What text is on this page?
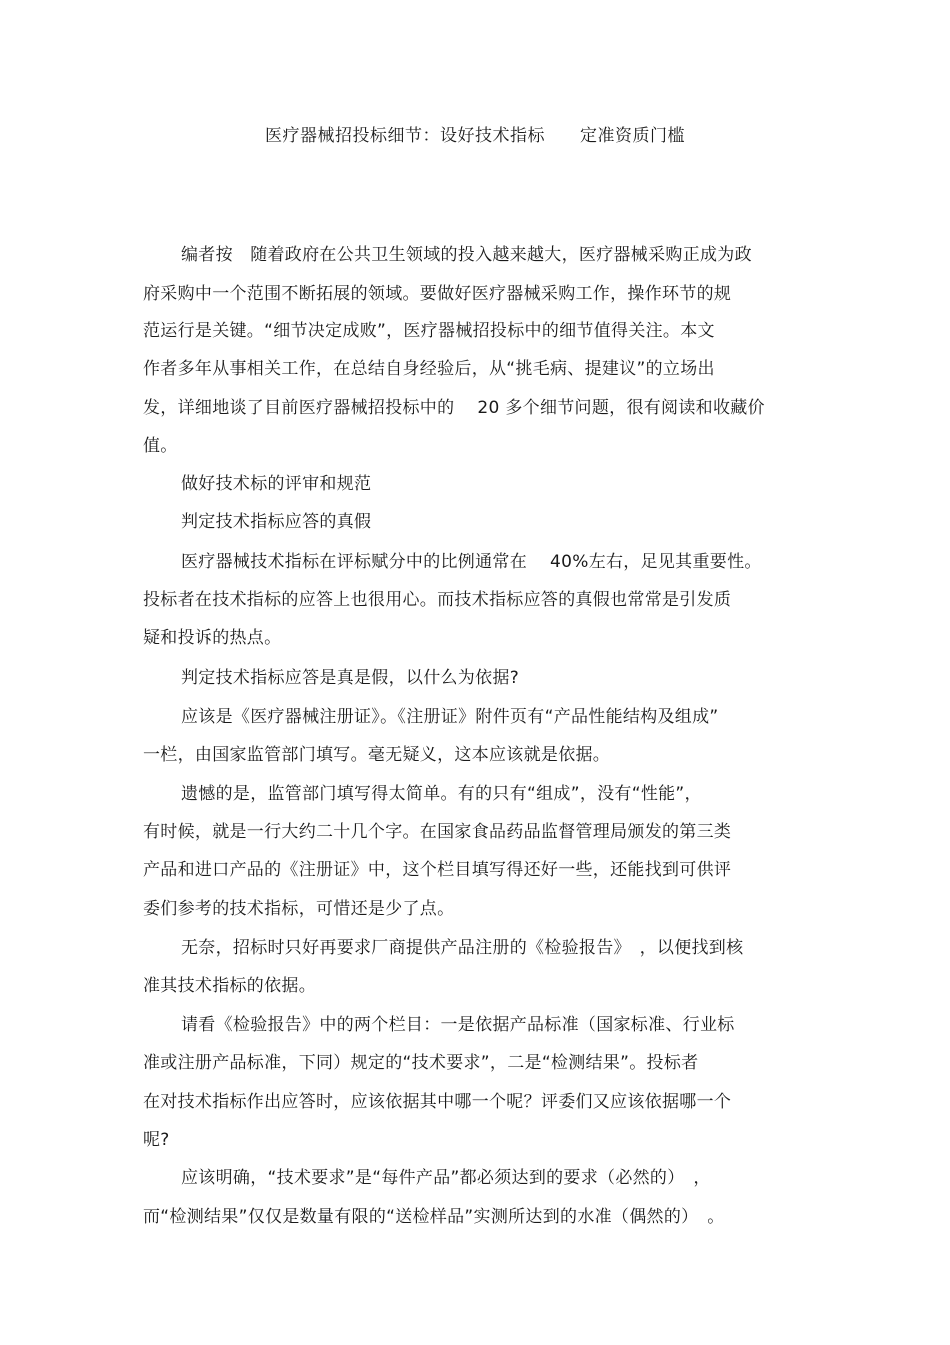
医疗器械招投标细节：设好技术指标　　定准资质门槛
编者按　随着政府在公共卫生领域的投入越来越大，医疗器械采购正成为政
府采购中一个范围不断拓展的领域。要做好医疗器械采购工作，操作环节的规
范运行是关键。“细节决定成败”，医疗器械招投标中的细节值得关注。本文
作者多年从事相关工作，在总结自身经验后，从“挑毛病、提建议”的立场出
发，详细地谈了目前医疗器械招投标中的　 20 多个细节问题，很有阅读和收藏价
值。
做好技术标的评审和规范
判定技术指标应答的真假
医疗器械技术指标在评标赋分中的比例通常在　 40%左右，足见其重要性。
投标者在技术指标的应答上也很用心。而技术指标应答的真假也常常是引发质
疑和投诉的热点。
判定技术指标应答是真是假，以什么为依据?
应该是《医疗器械注册证》。《注册证》附件页有“产品性能结构及组成”
一栏，由国家监管部门填写。毫无疑义，这本应该就是依据。
遗憾的是，监管部门填写得太简单。有的只有“组成”，没有“性能”，
有时候，就是一行大约二十几个字。在国家食品药品监督管理局颁发的第三类
产品和进口产品的《注册证》中，这个栏目填写得还好一些，还能找到可供评
委们参考的技术指标，可惜还是少了点。
无奈，招标时只好再要求厂商提供产品注册的《检验报告》　，以便找到核
准其技术指标的依据。
请看《检验报告》中的两个栏目：一是依据产品标准（国家标准、行业标
准或注册产品标准，下同）规定的“技术要求”，二是“检测结果”。投标者
在对技术指标作出应答时，应该依据其中哪一个呢？评委们又应该依据哪一个
呢?
应该明确，“技术要求”是“每件产品”都必须达到的要求（必然的）　，
而“检测结果”仅仅是数量有限的“送检样品”实测所达到的水准（偶然的）　。
